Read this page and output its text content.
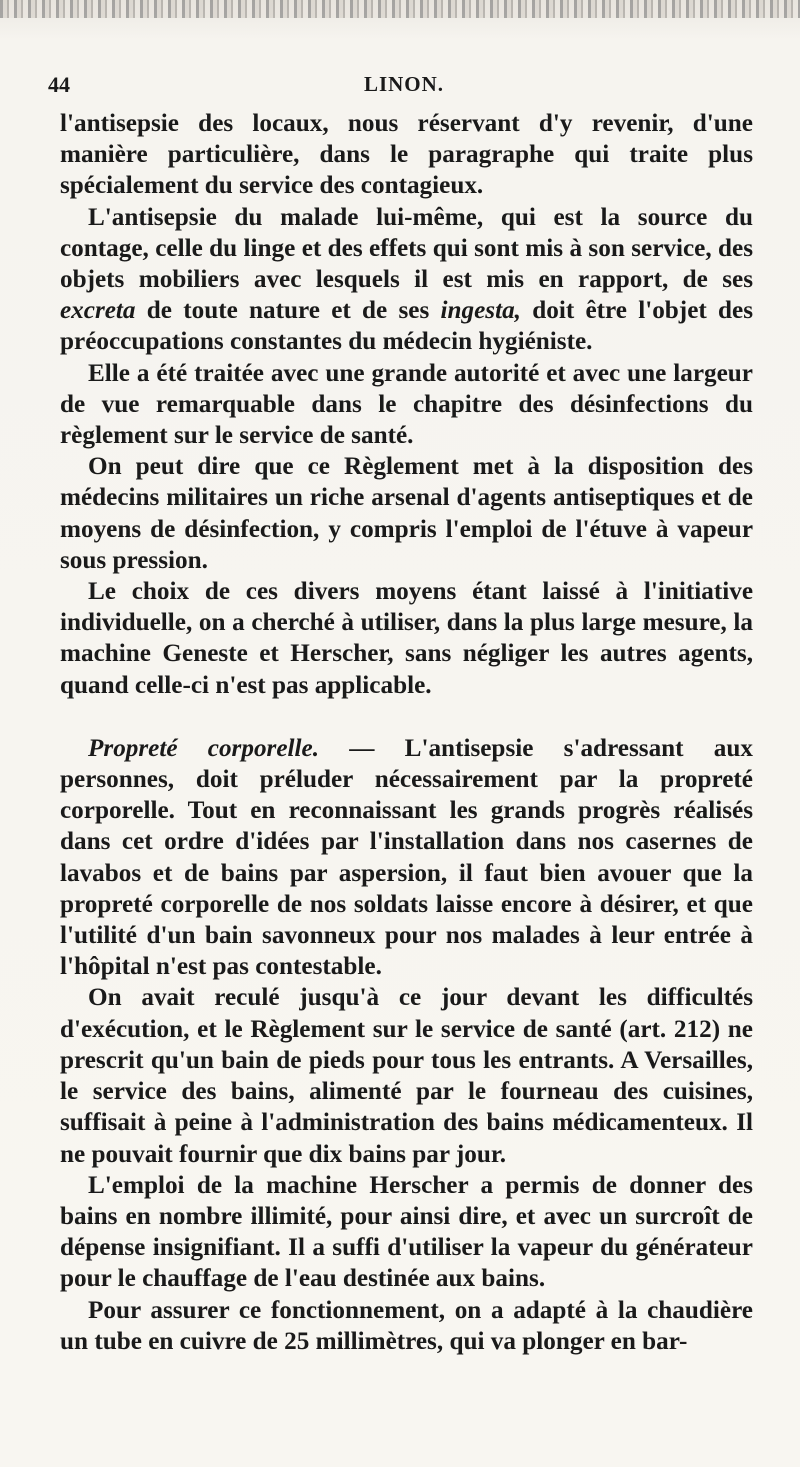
44	LINON.

l'antisepsie des locaux, nous réservant d'y revenir, d'une manière particulière, dans le paragraphe qui traite plus spécialement du service des contagieux.

L'antisepsie du malade lui-même, qui est la source du contage, celle du linge et des effets qui sont mis à son service, des objets mobiliers avec lesquels il est mis en rapport, de ses excreta de toute nature et de ses ingesta, doit être l'objet des préoccupations constantes du médecin hygiéniste.

Elle a été traitée avec une grande autorité et avec une largeur de vue remarquable dans le chapitre des désinfections du règlement sur le service de santé.

On peut dire que ce Règlement met à la disposition des médecins militaires un riche arsenal d'agents antiseptiques et de moyens de désinfection, y compris l'emploi de l'étuve à vapeur sous pression.

Le choix de ces divers moyens étant laissé à l'initiative individuelle, on a cherché à utiliser, dans la plus large mesure, la machine Geneste et Herscher, sans négliger les autres agents, quand celle-ci n'est pas applicable.

Propreté corporelle. — L'antisepsie s'adressant aux personnes, doit préluder nécessairement par la propreté corporelle. Tout en reconnaissant les grands progrès réalisés dans cet ordre d'idées par l'installation dans nos casernes de lavabos et de bains par aspersion, il faut bien avouer que la propreté corporelle de nos soldats laisse encore à désirer, et que l'utilité d'un bain savonneux pour nos malades à leur entrée à l'hôpital n'est pas contestable.

On avait reculé jusqu'à ce jour devant les difficultés d'exécution, et le Règlement sur le service de santé (art. 212) ne prescrit qu'un bain de pieds pour tous les entrants. A Versailles, le service des bains, alimenté par le fourneau des cuisines, suffisait à peine à l'administration des bains médicamenteux. Il ne pouvait fournir que dix bains par jour.

L'emploi de la machine Herscher a permis de donner des bains en nombre illimité, pour ainsi dire, et avec un surcroît de dépense insignifiant. Il a suffi d'utiliser la vapeur du générateur pour le chauffage de l'eau destinée aux bains.

Pour assurer ce fonctionnement, on a adapté à la chaudière un tube en cuivre de 25 millimètres, qui va plonger en bar-
